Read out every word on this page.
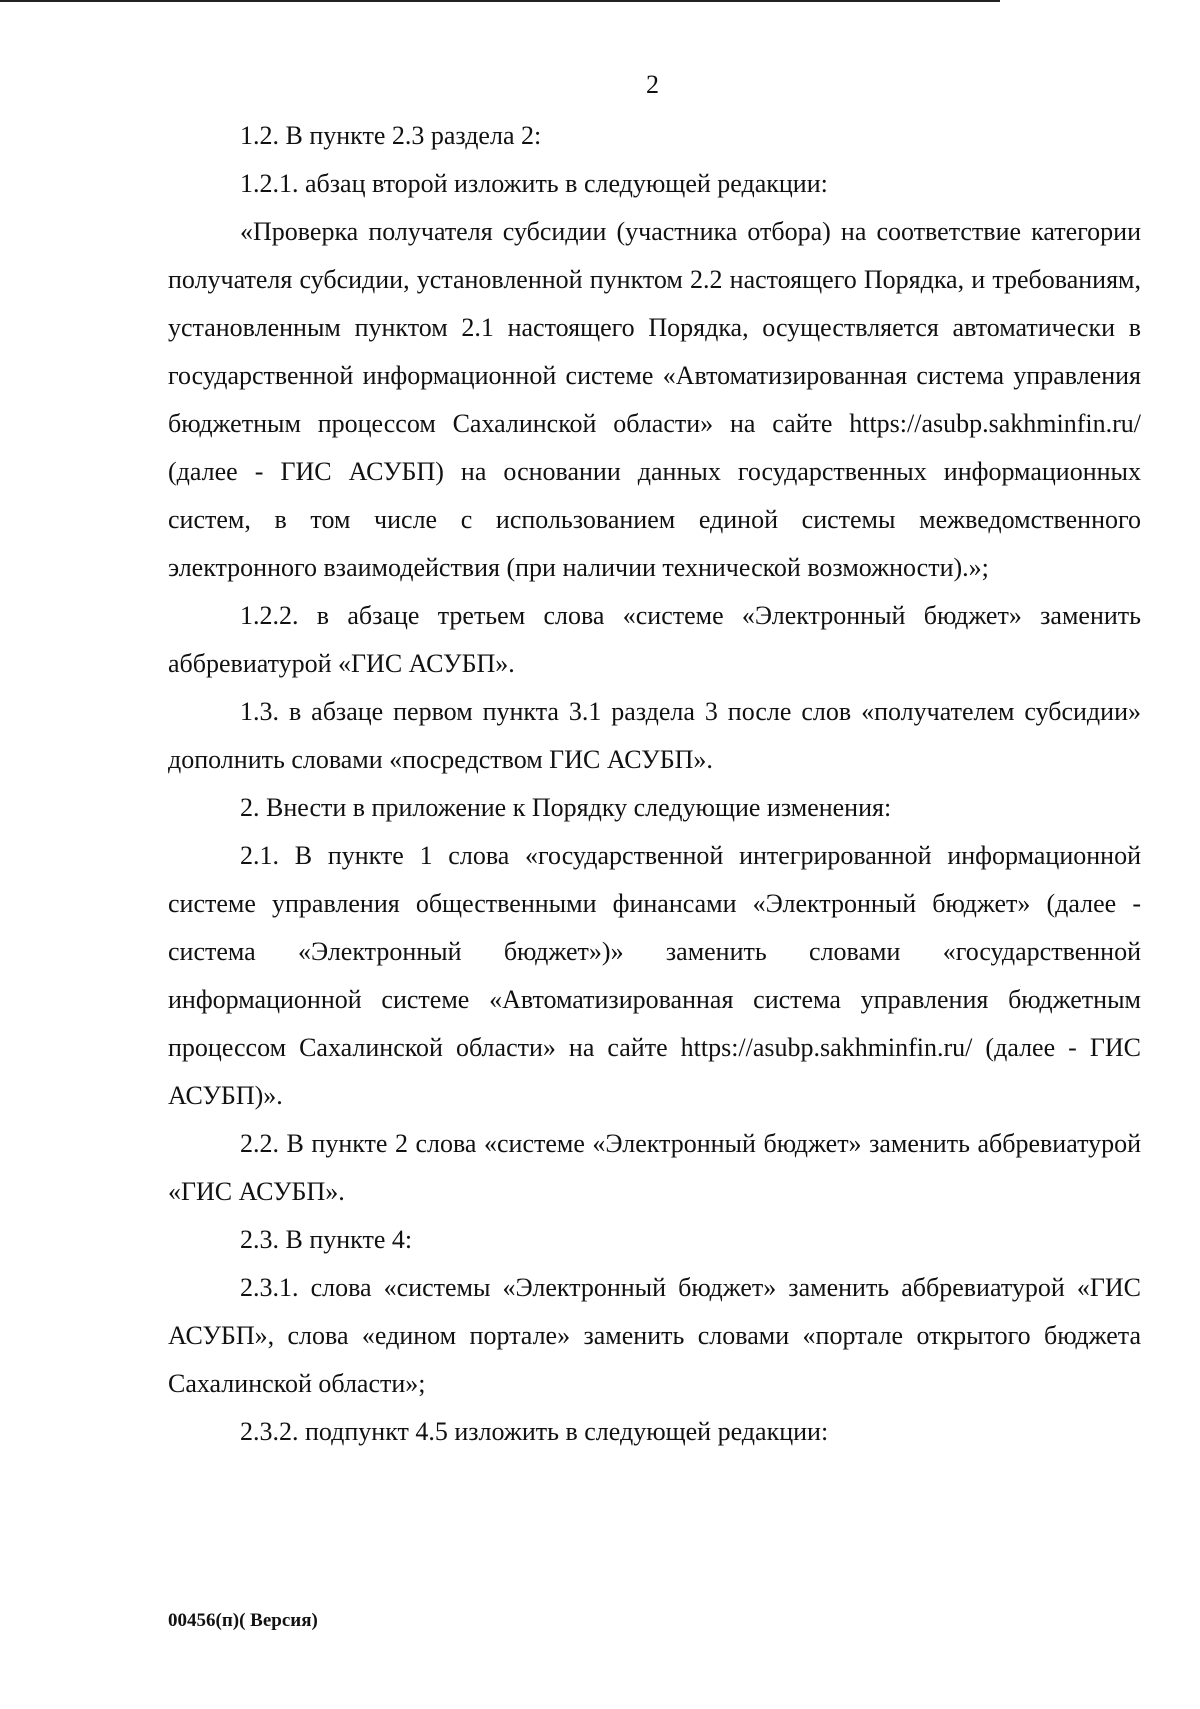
2

1.2. В пункте 2.3 раздела 2:

1.2.1. абзац второй изложить в следующей редакции:

«Проверка получателя субсидии (участника отбора) на соответствие категории получателя субсидии, установленной пунктом 2.2 настоящего Порядка, и требованиям, установленным пунктом 2.1 настоящего Порядка, осуществляется автоматически в государственной информационной системе «Автоматизированная система управления бюджетным процессом Сахалинской области» на сайте https://asubp.sakhminfin.ru/ (далее - ГИС АСУБП) на основании данных государственных информационных систем, в том числе с использованием единой системы межведомственного электронного взаимодействия (при наличии технической возможности).»;

1.2.2. в абзаце третьем слова «системе «Электронный бюджет» заменить аббревиатурой «ГИС АСУБП».

1.3. в абзаце первом пункта 3.1 раздела 3 после слов «получателем субсидии» дополнить словами «посредством ГИС АСУБП».

2. Внести в приложение к Порядку следующие изменения:

2.1. В пункте 1 слова «государственной интегрированной информационной системе управления общественными финансами «Электронный бюджет» (далее - система «Электронный бюджет»)» заменить словами «государственной информационной системе «Автоматизированная система управления бюджетным процессом Сахалинской области» на сайте https://asubp.sakhminfin.ru/ (далее - ГИС АСУБП)».

2.2. В пункте 2 слова «системе «Электронный бюджет» заменить аббревиатурой «ГИС АСУБП».

2.3. В пункте 4:

2.3.1. слова «системы «Электронный бюджет» заменить аббревиатурой «ГИС АСУБП», слова «едином портале» заменить словами «портале открытого бюджета Сахалинской области»;

2.3.2. подпункт 4.5 изложить в следующей редакции:

00456(п)( Версия)
